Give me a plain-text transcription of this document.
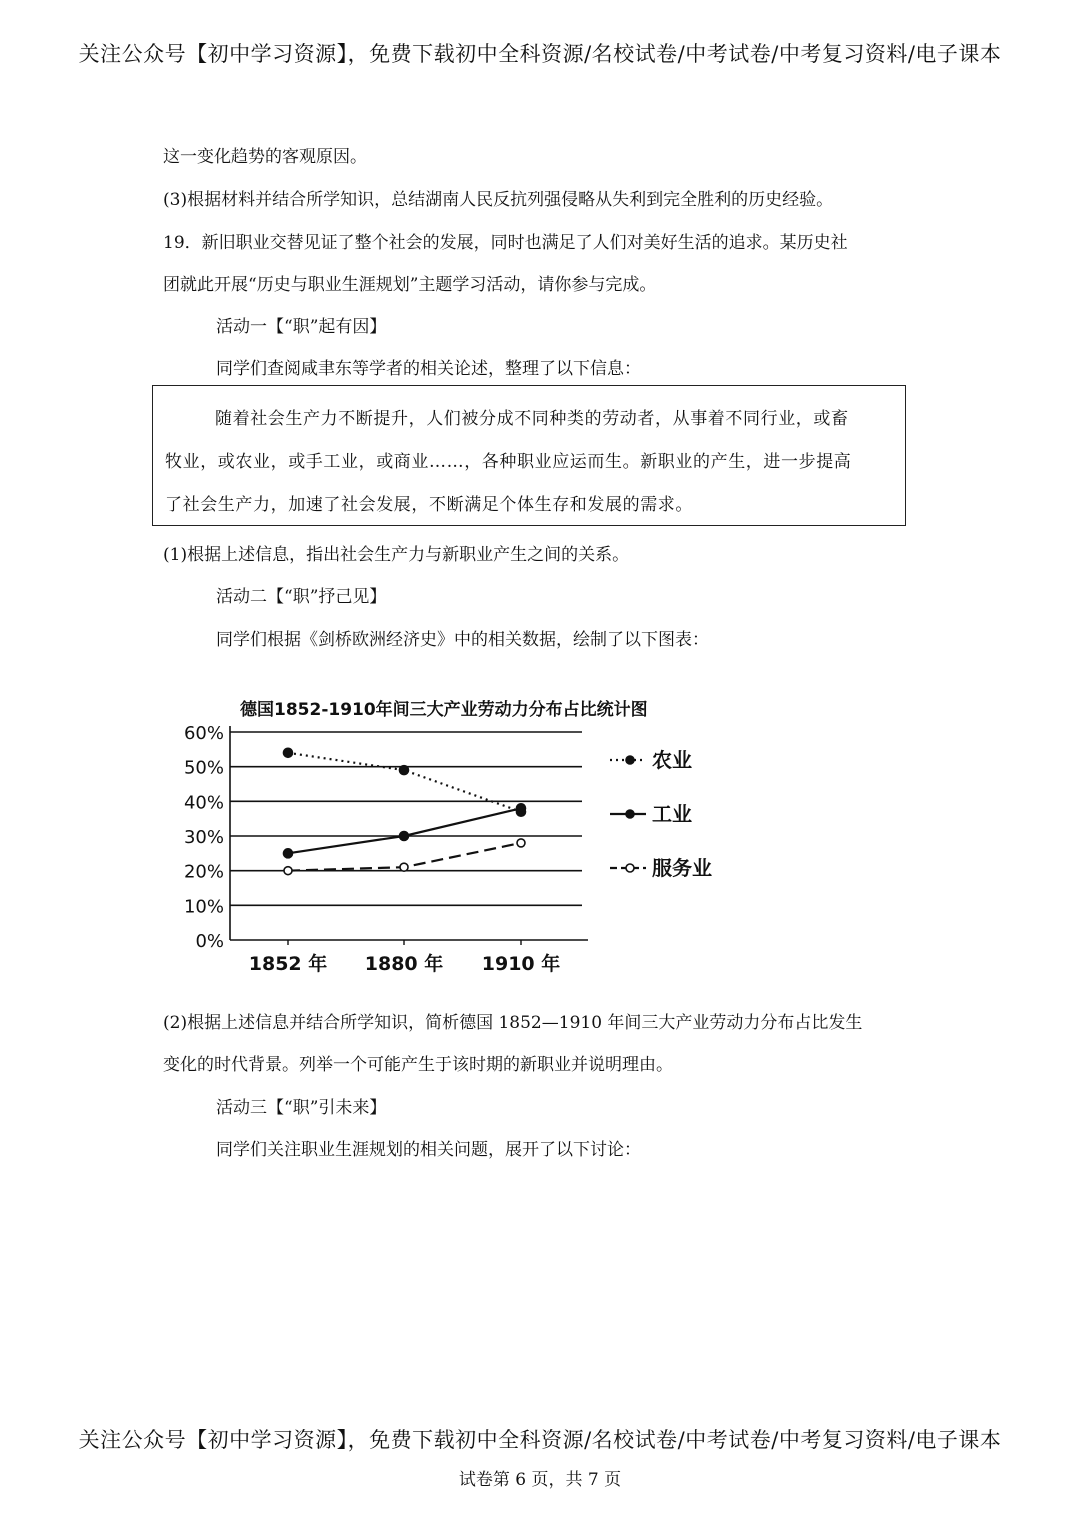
关注公众号【初中学习资源】，免费下载初中全科资源/名校试卷/中考试卷/中考复习资料/电子课本
这一变化趋势的客观原因。
(3)根据材料并结合所学知识，总结湖南人民反抗列强侵略从失利到完全胜利的历史经验。
19．新旧职业交替见证了整个社会的发展，同时也满足了人们对美好生活的追求。某历史社
团就此开展“历史与职业生涯规划”主题学习活动，请你参与完成。
活动一【“职”起有因】
同学们查阅咸聿东等学者的相关论述，整理了以下信息：
随着社会生产力不断提升，人们被分成不同种类的劳动者，从事着不同行业，或畜
牧业，或农业，或手工业，或商业……，各种职业应运而生。新职业的产生，进一步提高
了社会生产力，加速了社会发展，不断满足个体生存和发展的需求。
(1)根据上述信息，指出社会生产力与新职业产生之间的关系。
活动二【“职”抒己见】
同学们根据《剑桥欧洲经济史》中的相关数据，绘制了以下图表：
德国1852-1910年间三大产业劳动力分布占比统计图
0%
10%
20%
30%
40%
50%
60%
1852 年 1880 年 1910 年
农业
工业
服务业
(2)根据上述信息并结合所学知识，简析德国 1852—1910 年间三大产业劳动力分布占比发生
变化的时代背景。列举一个可能产生于该时期的新职业并说明理由。
活动三【“职”引未来】
同学们关注职业生涯规划的相关问题，展开了以下讨论：
关注公众号【初中学习资源】，免费下载初中全科资源/名校试卷/中考试卷/中考复习资料/电子课本
试卷第 6 页，共 7 页
